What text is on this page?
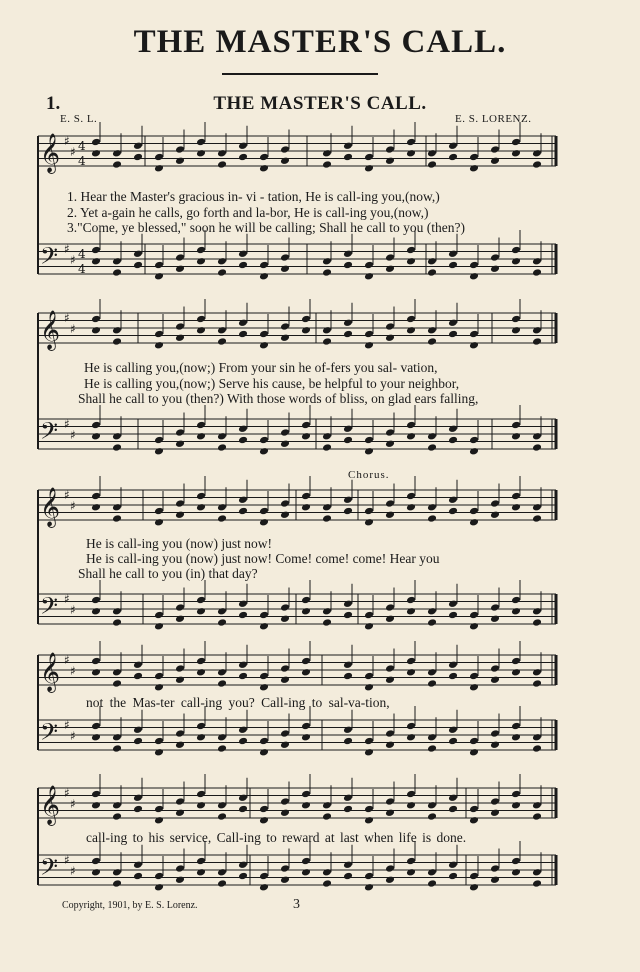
THE MASTER'S CALL.
1.	THE MASTER'S CALL.
E. S. L.	E. S. LORENZ.
𝄞 ♯
♯ 4
4
𝄢 ♯
♯ 4
4
𝄞 ♯
♯
𝄢 ♯
♯
𝄞 ♯
♯
𝄢 ♯
♯
𝄞 ♯
♯
𝄢 ♯
♯
𝄞 ♯
♯
𝄢 ♯
♯
1. Hear the Master's gracious in- vi - tation, He is call-ing you,(now,)
2. Yet a-gain he calls, go forth and la-bor, He is call-ing you,(now,)
3."Come, ye blessed," soon he will be calling; Shall he call to you (then?)
He is calling you,(now;) From your sin he of-fers you sal- vation,
He is calling you,(now;) Serve his cause, be helpful to your neighbor,
Shall he call to you (then?) With those words of bliss, on glad ears falling,
Chorus.
He is call-ing you (now) just now!
He is call-ing you (now) just now! Come! come! come! Hear you
Shall he call to you (in) that day?
not the Mas-ter call-ing you? Call-ing to sal-va-tion,
call-ing to his service, Call-ing to reward at last when life is done.
Copyright, 1901, by E. S. Lorenz.	3
